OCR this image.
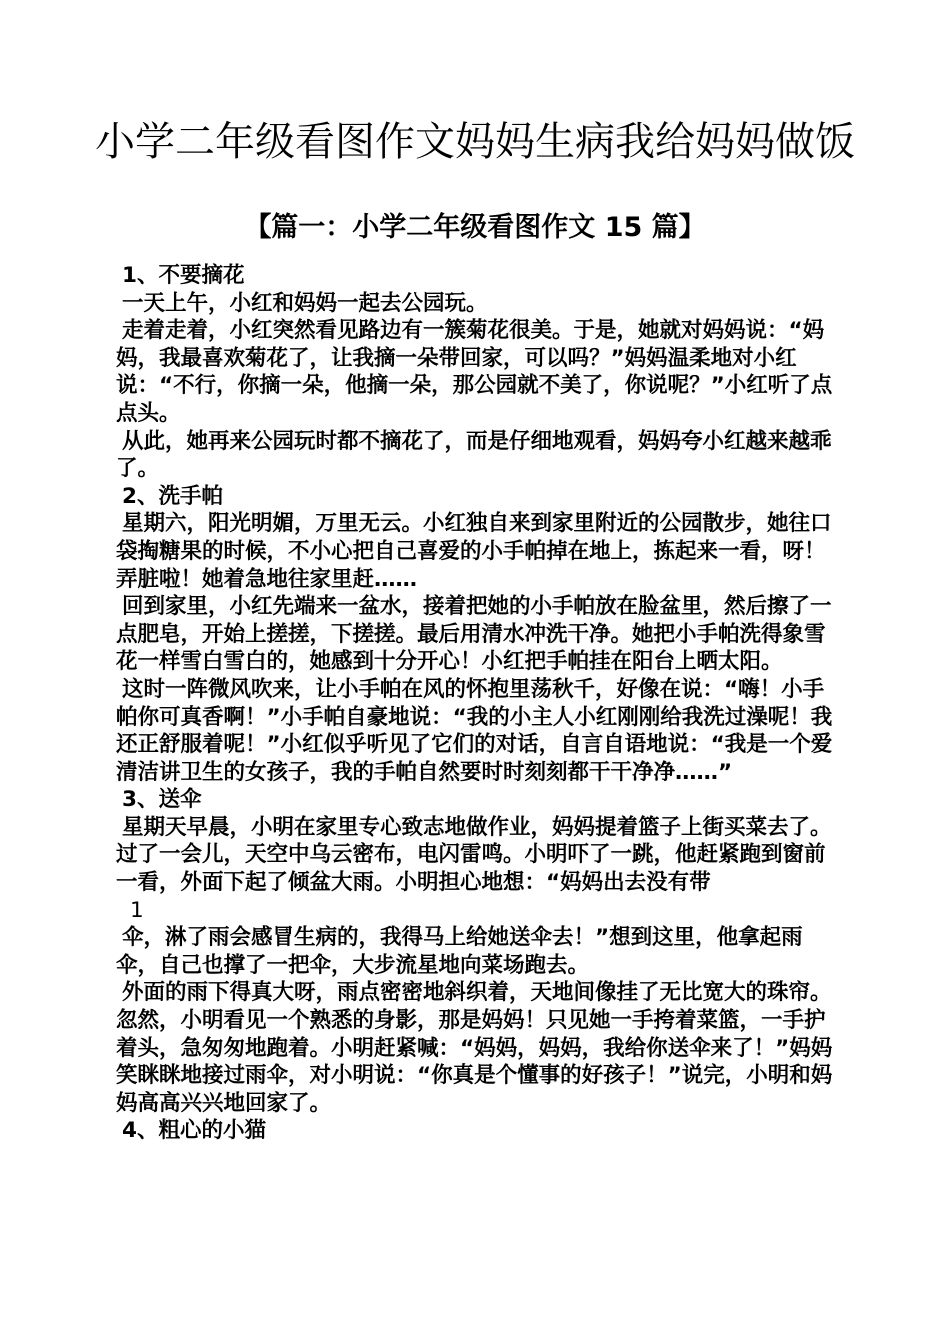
小学二年级看图作文妈妈生病我给妈妈做饭
【篇一：小学二年级看图作文 15 篇】

1、不要摘花

一天上午，小红和妈妈一起去公园玩。

走着走着，小红突然看见路边有一簇菊花很美。于是，她就对妈妈说：“妈妈，我最喜欢菊花了，让我摘一朵带回家，可以吗？”妈妈温柔地对小红说：“不行，你摘一朵，他摘一朵，那公园就不美了，你说呢？”小红听了点点头。

从此，她再来公园玩时都不摘花了，而是仔细地观看，妈妈夸小红越来越乖了。

2、洗手帕

星期六，阳光明媚，万里无云。小红独自来到家里附近的公园散步，她往口袋掏糖果的时候，不小心把自己喜爱的小手帕掉在地上，拣起来一看，呀！弄脏啦！她着急地往家里赶……

回到家里，小红先端来一盆水，接着把她的小手帕放在脸盆里，然后擦了一点肥皂，开始上搓搓，下搓搓。最后用清水冲洗干净。她把小手帕洗得象雪花一样雪白雪白的，她感到十分开心！小红把手帕挂在阳台上晒太阳。

这时一阵微风吹来，让小手帕在风的怀抱里荡秋千，好像在说：“嗨！小手帕你可真香啊！”小手帕自豪地说：“我的小主人小红刚刚给我洗过澡呢！我还正舒服着呢！”小红似乎听见了它们的对话，自言自语地说：“我是一个爱清洁讲卫生的女孩子，我的手帕自然要时时刻刻都干干净净……”

3、送伞

星期天早晨，小明在家里专心致志地做作业，妈妈提着篮子上街买菜去了。过了一会儿，天空中乌云密布，电闪雷鸣。小明吓了一跳，他赶紧跑到窗前一看，外面下起了倾盆大雨。小明担心地想：“妈妈出去没有带

1

伞，淋了雨会感冒生病的，我得马上给她送伞去！”想到这里，他拿起雨伞，自己也撑了一把伞，大步流星地向菜场跑去。

外面的雨下得真大呀，雨点密密地斜织着，天地间像挂了无比宽大的珠帘。忽然，小明看见一个熟悉的身影，那是妈妈！只见她一手挎着菜篮，一手护着头，急匆匆地跑着。小明赶紧喊：“妈妈，妈妈，我给你送伞来了！”妈妈笑眯眯地接过雨伞，对小明说：“你真是个懂事的好孩子！”说完，小明和妈妈高高兴兴地回家了。

4、粗心的小猫
